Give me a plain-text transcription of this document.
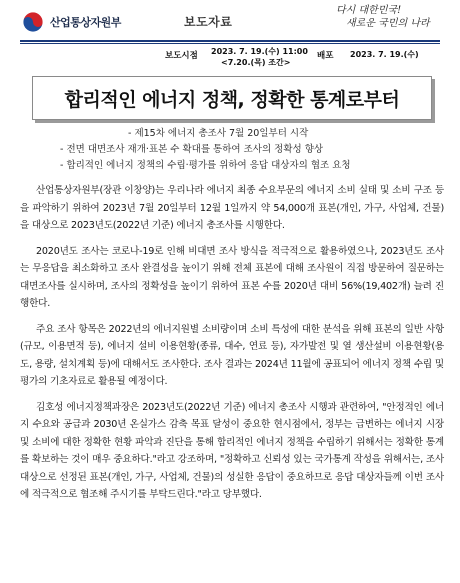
산업통상자원부	보도자료
다시 대한민국!
새로운 국민의 나라
보도시점 2023. 7. 19.(수) 11:00
<7.20.(목) 조간>
배포 2023. 7. 19.(수)
합리적인 에너지 정책, 정확한 통계로부터
- 제15차 에너지 총조사 7월 20일부터 시작
- 전면 대면조사 재개·표본 수 확대를 통하여 조사의 정확성 향상
- 합리적인 에너지 정책의 수립·평가를 위하여 응답 대상자의 협조 요청

산업통상자원부(장관 이창양)는 우리나라 에너지 최종 수요부문의 에너지 소비 실태 및 소비 구조 등을 파악하기 위하여 2023년 7월 20일부터 12월 1일까지 약 54,000개 표본(개인, 가구, 사업체, 건물)을 대상으로 2023년도(2022년 기준) 에너지 총조사를 시행한다.

2020년도 조사는 코로나-19로 인해 비대면 조사 방식을 적극적으로 활용하였으나, 2023년도 조사는 무응답을 최소화하고 조사 완결성을 높이기 위해 전체 표본에 대해 조사원이 직접 방문하여 질문하는 대면조사를 실시하며, 조사의 정확성을 높이기 위하여 표본 수를 2020년 대비 56%(19,402개) 늘려 진행한다.

주요 조사 항목은 2022년의 에너지원별 소비량이며 소비 특성에 대한 분석을 위해 표본의 일반 사항(규모, 이용면적 등), 에너지 설비 이용현황(종류, 대수, 연료 등), 자가발전 및 열 생산설비 이용현황(용도, 용량, 설치계획 등)에 대해서도 조사한다. 조사 결과는 2024년 11월에 공표되어 에너지 정책 수립 및 평가의 기초자료로 활용될 예정이다.

김호성 에너지정책과장은 2023년도(2022년 기준) 에너지 총조사 시행과 관련하여, "안정적인 에너지 수요와 공급과 2030년 온실가스 감축 목표 달성이 중요한 현시점에서, 정부는 급변하는 에너지 시장 및 소비에 대한 정확한 현황 파악과 진단을 통해 합리적인 에너지 정책을 수립하기 위해서는 정확한 통계를 확보하는 것이 매우 중요하다."라고 강조하며, "정확하고 신뢰성 있는 국가통계 작성을 위해서는, 조사 대상으로 선정된 표본(개인, 가구, 사업체, 건물)의 성실한 응답이 중요하므로 응답 대상자들께 이번 조사에 적극적으로 협조해 주시기를 부탁드린다."라고 당부했다.
